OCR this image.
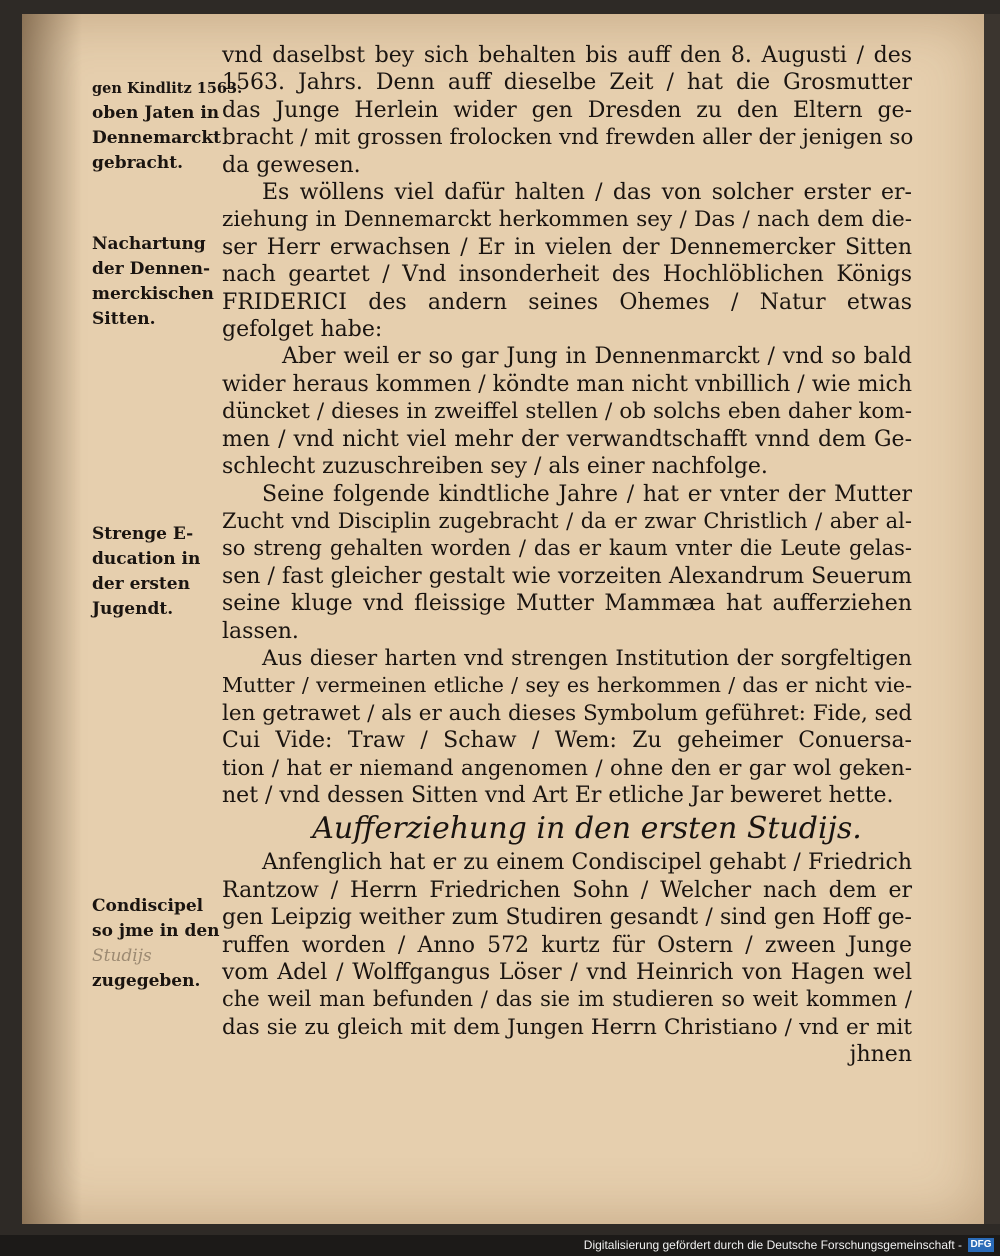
gen Kindlitz 1563.
oben Jaten in
Dennemarckt
gebracht.
Nachartung
der Dennen-
merckischen
Sitten.
Strenge E-
ducation in
der ersten
Jugendt.
Condiscipel
so jme in den
Studijs
zugegeben.
vnd daselbst bey sich behalten bis auff den 8. Augusti / des
1563. Jahrs. Denn auff dieselbe Zeit / hat die Grosmutter
das Junge Herlein wider gen Dresden zu den Eltern ge-
bracht / mit grossen frolocken vnd frewden aller der jenigen so
da gewesen.
Es wöllens viel dafür halten / das von solcher erster er-
ziehung in Dennemarckt herkommen sey / Das / nach dem die-
ser Herr erwachsen / Er in vielen der Dennemercker Sitten
nach geartet / Vnd insonderheit des Hochlöblichen Königs
FRIDERICI des andern seines Ohemes / Natur etwas
gefolget habe:
Aber weil er so gar Jung in Dennenmarckt / vnd so bald
wider heraus kommen / köndte man nicht vnbillich / wie mich
düncket / dieses in zweiffel stellen / ob solchs eben daher kom-
men / vnd nicht viel mehr der verwandtschafft vnnd dem Ge-
schlecht zuzuschreiben sey / als einer nachfolge.
Seine folgende kindtliche Jahre / hat er vnter der Mutter
Zucht vnd Disciplin zugebracht / da er zwar Christlich / aber al-
so streng gehalten worden / das er kaum vnter die Leute gelas-
sen / fast gleicher gestalt wie vorzeiten Alexandrum Seuerum
seine kluge vnd fleissige Mutter Mammæa hat aufferziehen
lassen.
Aus dieser harten vnd strengen Institution der sorgfeltigen
Mutter / vermeinen etliche / sey es herkommen / das er nicht vie-
len getrawet / als er auch dieses Symbolum geführet: Fide, sed
Cui Vide: Traw / Schaw / Wem: Zu geheimer Conuersa-
tion / hat er niemand angenomen / ohne den er gar wol geken-
net / vnd dessen Sitten vnd Art Er etliche Jar beweret hette.
Aufferziehung in den ersten Studijs.
Anfenglich hat er zu einem Condiscipel gehabt / Friedrich
Rantzow / Herrn Friedrichen Sohn / Welcher nach dem er
gen Leipzig weither zum Studiren gesandt / sind gen Hoff ge-
ruffen worden / Anno 572 kurtz für Ostern / zween Junge
vom Adel / Wolffgangus Löser / vnd Heinrich von Hagen wel
che weil man befunden / das sie im studieren so weit kommen /
das sie zu gleich mit dem Jungen Herrn Christiano / vnd er mit
jhnen
Digitalisierung gefördert durch die Deutsche Forschungsgemeinschaft - DFG
